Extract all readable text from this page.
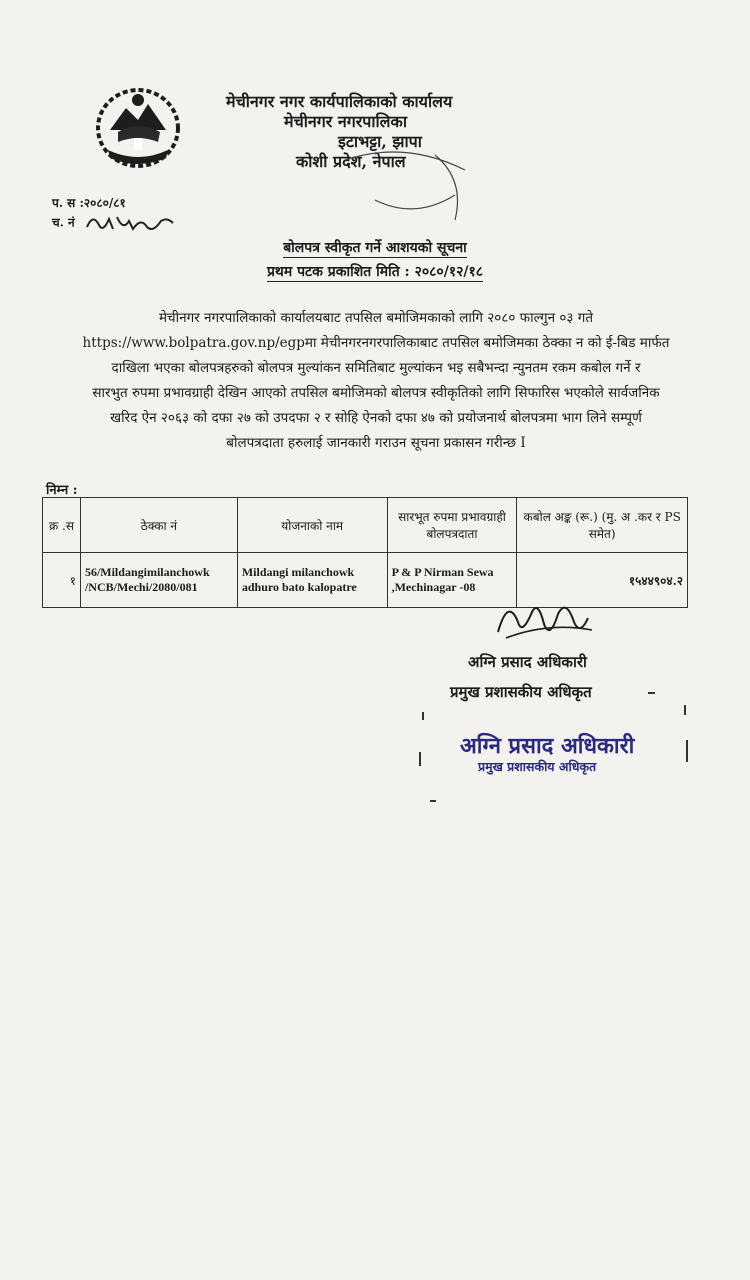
मेचीनगर नगर कार्यपालिकाको कार्यालय
मेचीनगर नगरपालिका
इटाभट्टा, झापा
कोशी प्रदेश, नेपाल
प. स :२०८०/८१
च. नं
बोलपत्र स्वीकृत गर्ने आशयको सूचना
प्रथम पटक प्रकाशित मिति : २०८०/१२/१८
मेचीनगर नगरपालिकाको कार्यालयबाट तपसिल बमोजिमकाको लागि २०८० फाल्गुन ०३ गते
https://www.bolpatra.gov.np/egpमा मेचीनगरनगरपालिकाबाट तपसिल बमोजिमका ठेक्का न को ई-बिड मार्फत
दाखिला भएका बोलपत्रहरुको बोलपत्र मुल्यांकन समितिबाट मुल्यांकन भइ सबैभन्दा न्युनतम रकम कबोल गर्ने र
सारभुत रुपमा प्रभावग्राही देखिन आएको तपसिल बमोजिमको बोलपत्र स्वीकृतिको लागि सिफारिस भएकोले सार्वजनिक
खरिद ऐन २०६३ को दफा २७ को उपदफा २ र सोहि ऐनको दफा ४७ को प्रयोजनार्थ बोलपत्रमा भाग लिने सम्पूर्ण
बोलपत्रदाता हरुलाई जानकारी गराउन सूचना प्रकासन गरीन्छ I
निम्न :
क्र .स	ठेक्का नं	योजनाको नाम	सारभूत रुपमा प्रभावग्राही बोलपत्रदाता	कबोल अङ्क (रू.) (मु. अ .कर र PS समेत)
१	56/Mildangimilanchowk /NCB/Mechi/2080/081	Mildangi milanchowk adhuro bato kalopatre	P & P Nirman Sewa ,Mechinagar -08	१५४४९०४.२
अग्नि प्रसाद अधिकारी
प्रमुख प्रशासकीय अधिकृत
अग्नि प्रसाद अधिकारी
प्रमुख प्रशासकीय अधिकृत
